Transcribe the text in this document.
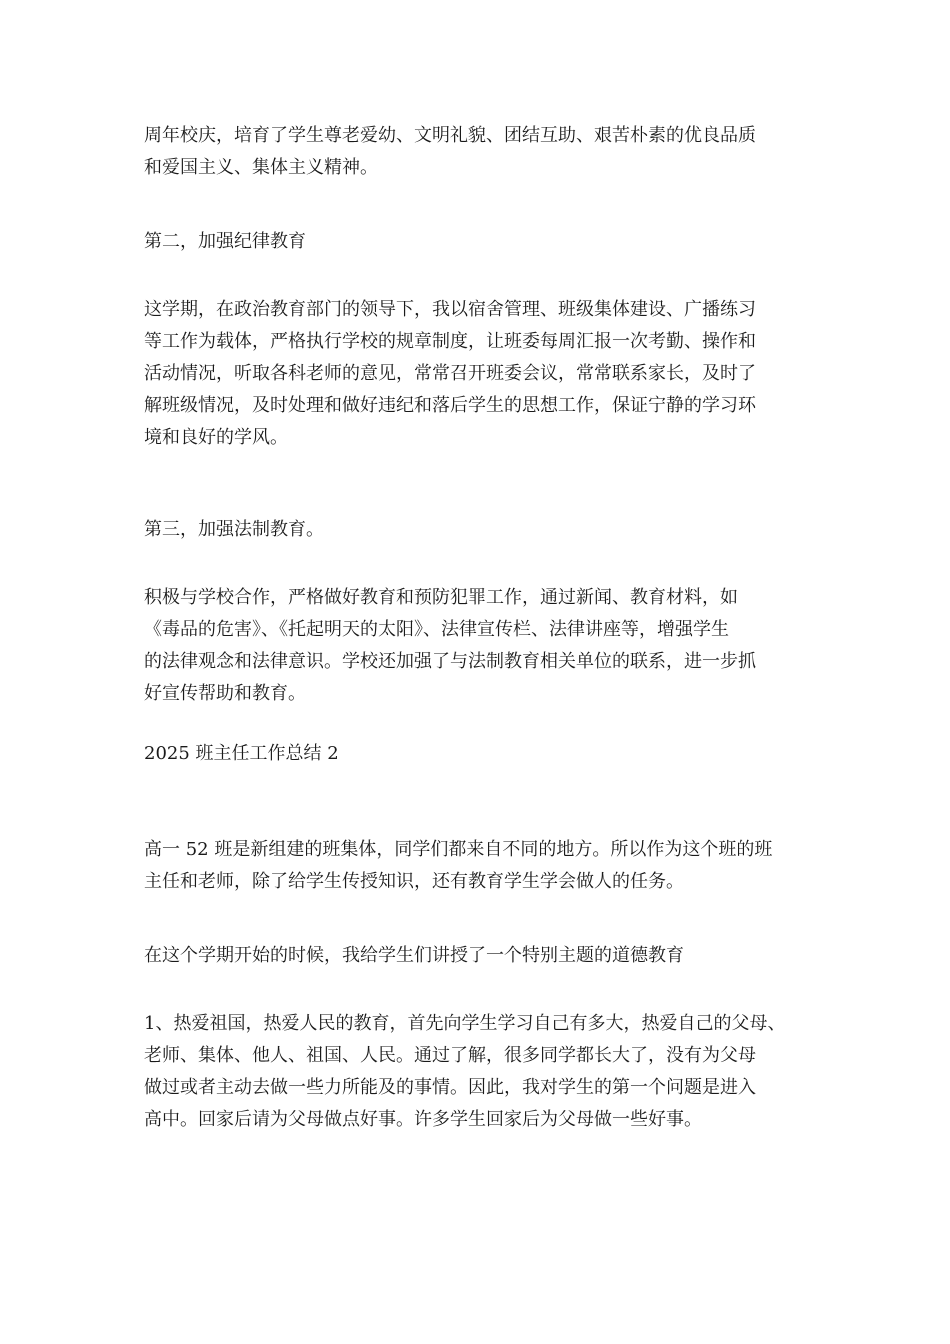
周年校庆，培育了学生尊老爱幼、文明礼貌、团结互助、艰苦朴素的优良品质
和爱国主义、集体主义精神。
第二，加强纪律教育
这学期，在政治教育部门的领导下，我以宿舍管理、班级集体建设、广播练习
等工作为载体，严格执行学校的规章制度，让班委每周汇报一次考勤、操作和
活动情况，听取各科老师的意见，常常召开班委会议，常常联系家长，及时了
解班级情况，及时处理和做好违纪和落后学生的思想工作，保证宁静的学习环
境和良好的学风。
第三，加强法制教育。
积极与学校合作，严格做好教育和预防犯罪工作，通过新闻、教育材料，如
《毒品的危害》、《托起明天的太阳》、法律宣传栏、法律讲座等，增强学生
的法律观念和法律意识。学校还加强了与法制教育相关单位的联系，进一步抓
好宣传帮助和教育。
2025 班主任工作总结 2
高一 52 班是新组建的班集体，同学们都来自不同的地方。所以作为这个班的班
主任和老师，除了给学生传授知识，还有教育学生学会做人的任务。
在这个学期开始的时候，我给学生们讲授了一个特别主题的道德教育
1、热爱祖国，热爱人民的教育，首先向学生学习自己有多大，热爱自己的父母、
老师、集体、他人、祖国、人民。通过了解，很多同学都长大了，没有为父母
做过或者主动去做一些力所能及的事情。因此，我对学生的第一个问题是进入
高中。回家后请为父母做点好事。许多学生回家后为父母做一些好事。
